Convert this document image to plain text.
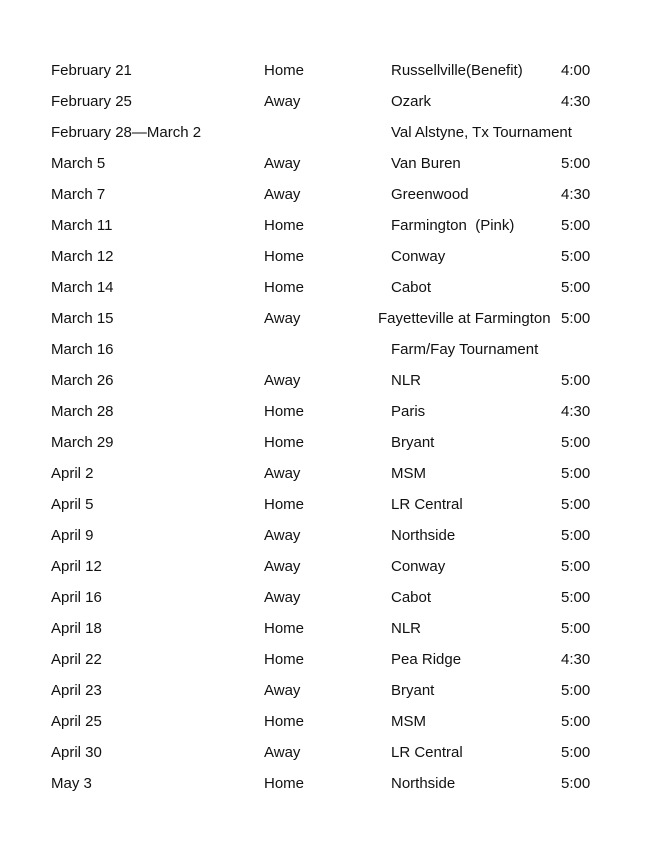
February 21	Home	Russellville(Benefit)	4:00
February 25	Away	Ozark	4:30
February 28—March 2	Val Alstyne, Tx Tournament
March 5	Away	Van Buren	5:00
March 7	Away	Greenwood	4:30
March 11	Home	Farmington  (Pink)	5:00
March 12	Home	Conway	5:00
March 14	Home	Cabot	5:00
March 15	Away	Fayetteville at Farmington 5:00
March 16	Farm/Fay Tournament
March 26	Away	NLR	5:00
March 28	Home	Paris	4:30
March 29	Home	Bryant	5:00
April 2	Away	MSM	5:00
April 5	Home	LR Central	5:00
April 9	Away	Northside	5:00
April 12	Away	Conway	5:00
April 16	Away	Cabot	5:00
April 18	Home	NLR	5:00
April 22	Home	Pea Ridge	4:30
April 23	Away	Bryant	5:00
April 25	Home	MSM	5:00
April 30	Away	LR Central	5:00
May 3	Home	Northside	5:00
